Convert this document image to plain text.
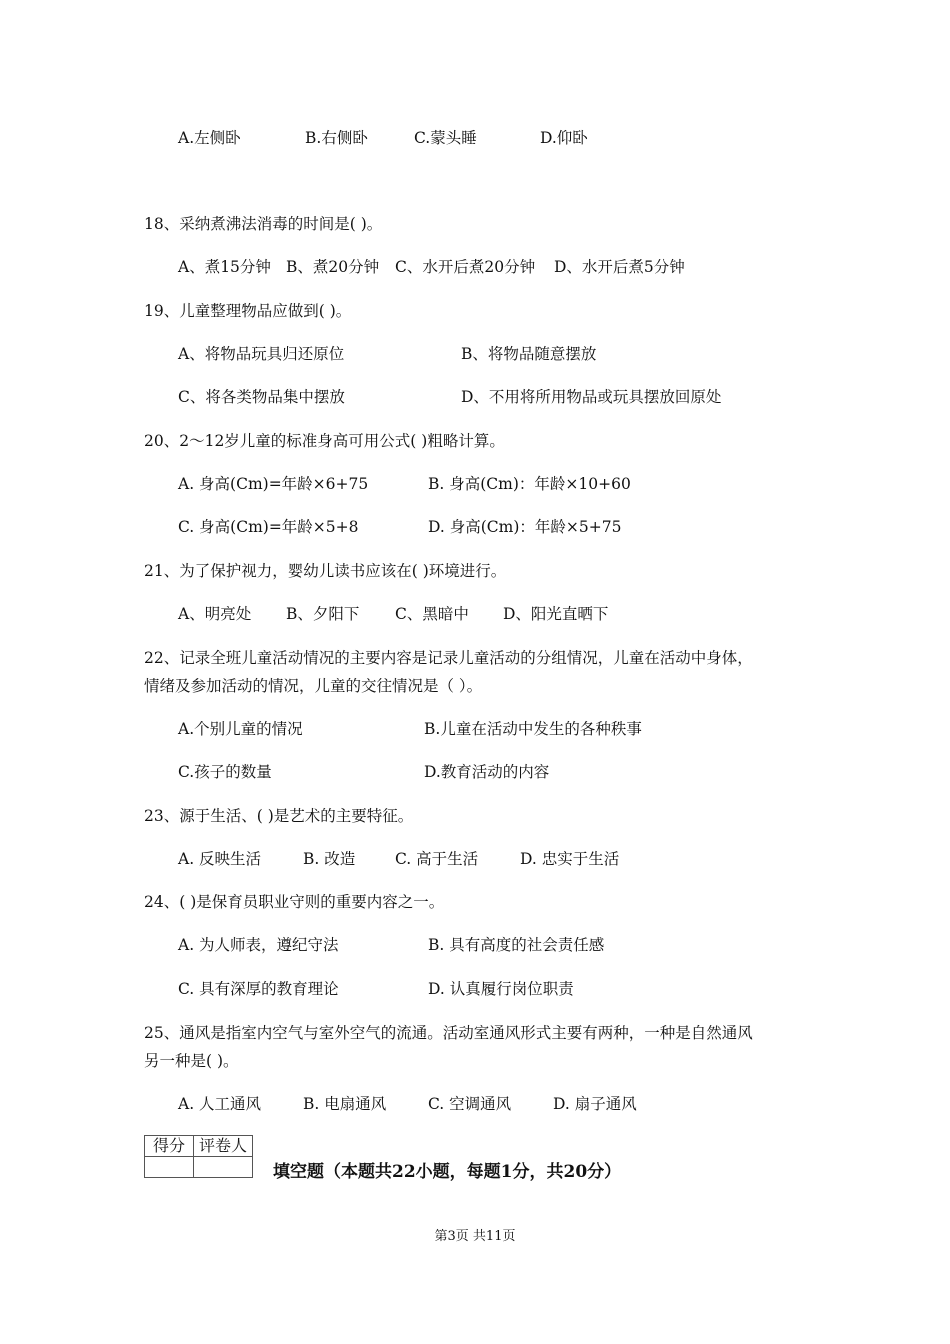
A.左侧卧	B.右侧卧	C.蒙头睡	D.仰卧
18、采纳煮沸法消毒的时间是( )。
A、煮15分钟 B、煮20分钟 C、水开后煮20分钟 D、水开后煮5分钟
19、儿童整理物品应做到( )。
A、将物品玩具归还原位	B、将物品随意摆放
C、将各类物品集中摆放	D、不用将所用物品或玩具摆放回原处
20、2～12岁儿童的标准身高可用公式( )粗略计算。
A. 身高(Cm)=年龄×6+75	B. 身高(Cm)：年龄×10+60
C. 身高(Cm)=年龄×5+8	D. 身高(Cm)：年龄×5+75
21、为了保护视力，婴幼儿读书应该在( )环境进行。
A、明亮处 B、夕阳下 C、黑暗中 D、阳光直晒下
22、记录全班儿童活动情况的主要内容是记录儿童活动的分组情况，儿童在活动中身体，
情绪及参加活动的情况，儿童的交往情况是（ ）。
A.个别儿童的情况	B.儿童在活动中发生的各种秩事
C.孩子的数量	D.教育活动的内容
23、源于生活、( )是艺术的主要特征。
A. 反映生活	B. 改造	C. 高于生活	D. 忠实于生活
24、( )是保育员职业守则的重要内容之一。
A. 为人师表，遵纪守法	B. 具有高度的社会责任感
C. 具有深厚的教育理论	D. 认真履行岗位职责
25、通风是指室内空气与室外空气的流通。活动室通风形式主要有两种，一种是自然通风
另一种是( )。
A. 人工通风	B. 电扇通风	C. 空调通风	D. 扇子通风
得分	评卷人

填空题（本题共22小题，每题1分，共20分）
第3页 共11页
